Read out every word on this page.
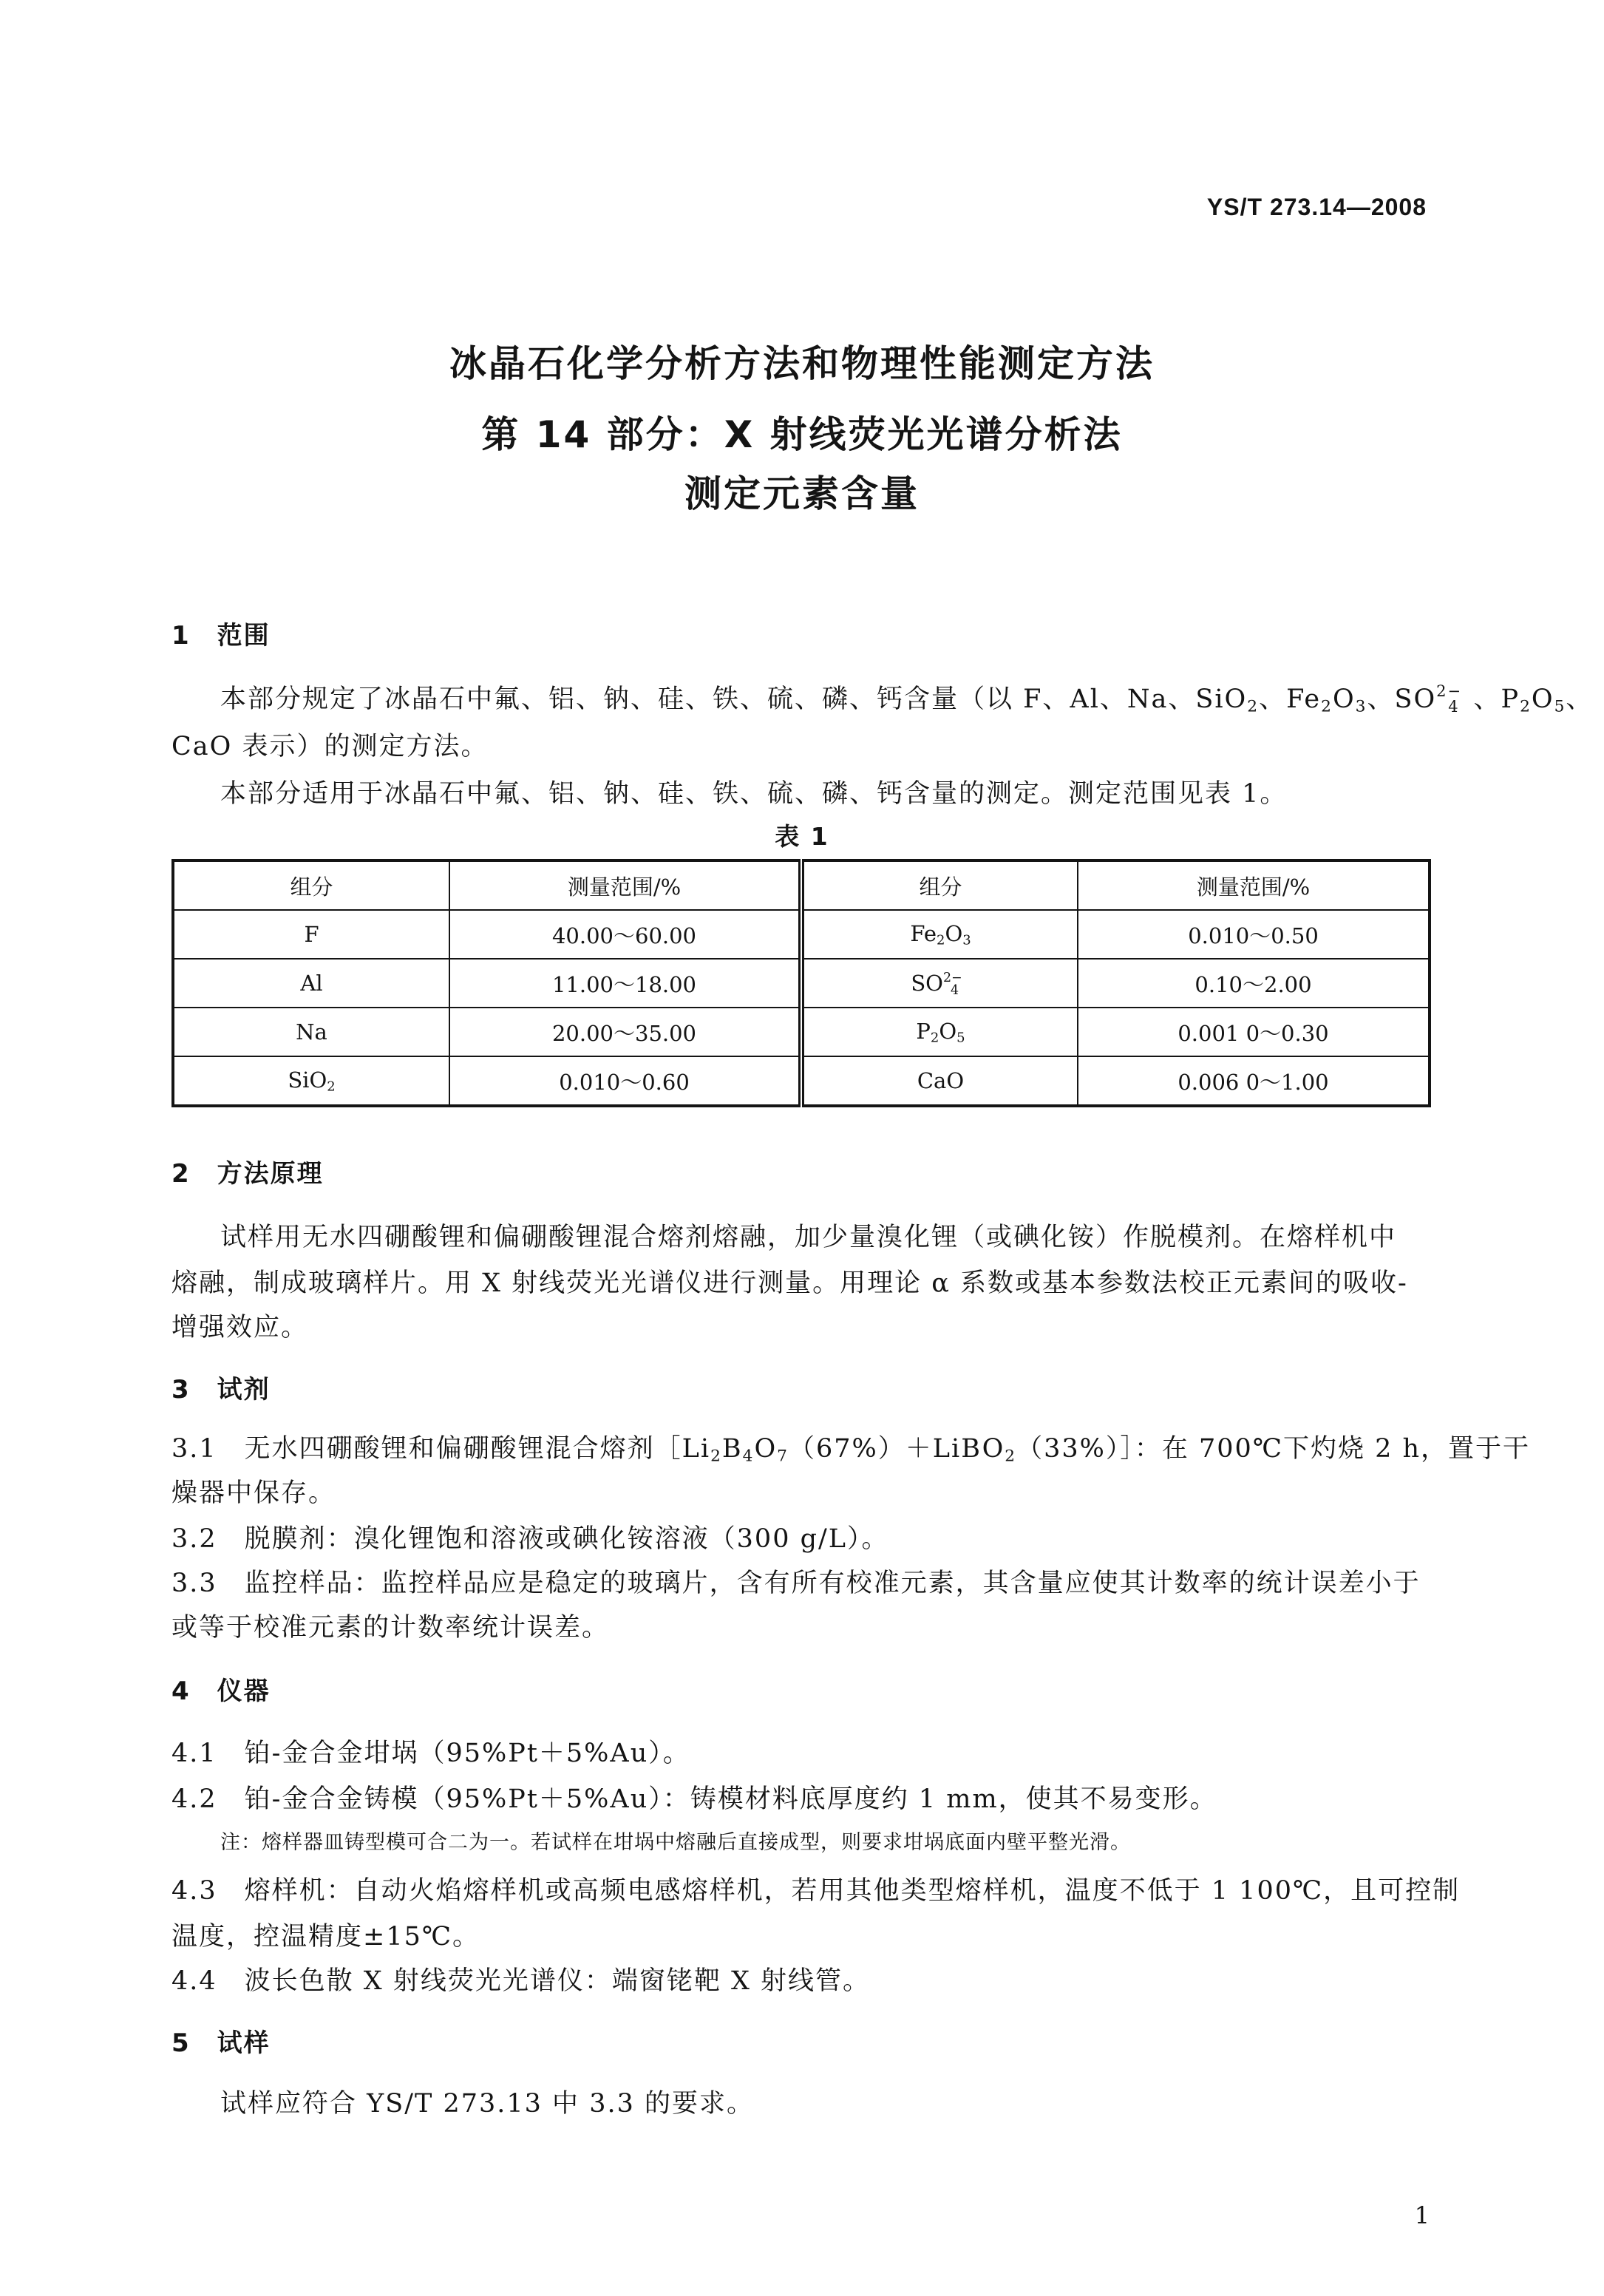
YS/T 273.14—2008
冰晶石化学分析方法和物理性能测定方法
第 14 部分：X 射线荧光光谱分析法
测定元素含量
1　范围
本部分规定了冰晶石中氟、铝、钠、硅、铁、硫、磷、钙含量（以 F、Al、Na、SiO$_2$、$Fe_2O_3$、$SO^{2-}4$ 、$P_2O_5$、
CaO 表示）的测定方法。
本部分适用于冰晶石中氟、铝、钠、硅、铁、硫、磷、钙含量的测定。测定范围见表 1。
表 1
组分	测量范围/%	组分	测量范围/%
F	40.00～60.00	$Fe_2O_3$	0.010～0.50
Al	11.00～18.00	$SO^{2-}4$	0.10～2.00
Na	20.00～35.00	$P_2O_5$	0.001 0～0.30
SiO$_2$	0.010～0.60	CaO	0.006 0～1.00
2　方法原理
试样用无水四硼酸锂和偏硼酸锂混合熔剂熔融，加少量溴化锂（或碘化铵）作脱模剂。在熔样机中
熔融，制成玻璃样片。用 X 射线荧光光谱仪进行测量。用理论 α 系数或基本参数法校正元素间的吸收-
增强效应。
3　试剂
3.1　无水四硼酸锂和偏硼酸锂混合熔剂$[Li_2B_4O_7(67\%)+LiBO_2(33\%)]$：在 700℃下灼烧 2 h，置于干
燥器中保存。
3.2　脱膜剂：溴化锂饱和溶液或碘化铵溶液（300 g/L）。
3.3　监控样品：监控样品应是稳定的玻璃片，含有所有校准元素，其含量应使其计数率的统计误差小于
或等于校准元素的计数率统计误差。
4　仪器
4.1　铂-金合金坩埚（95%Pt＋5%Au）。
4.2　铂-金合金铸模（95%Pt＋5%Au）：铸模材料底厚度约 1 mm，使其不易变形。
注：熔样器皿铸型模可合二为一。若试样在坩埚中熔融后直接成型，则要求坩埚底面内壁平整光滑。
4.3　熔样机：自动火焰熔样机或高频电感熔样机，若用其他类型熔样机，温度不低于 1 100℃，且可控制
温度，控温精度±15℃。
4.4　波长色散 X 射线荧光光谱仪：端窗铑靶 X 射线管。
5　试样
试样应符合 YS/T 273.13 中 3.3 的要求。
1
